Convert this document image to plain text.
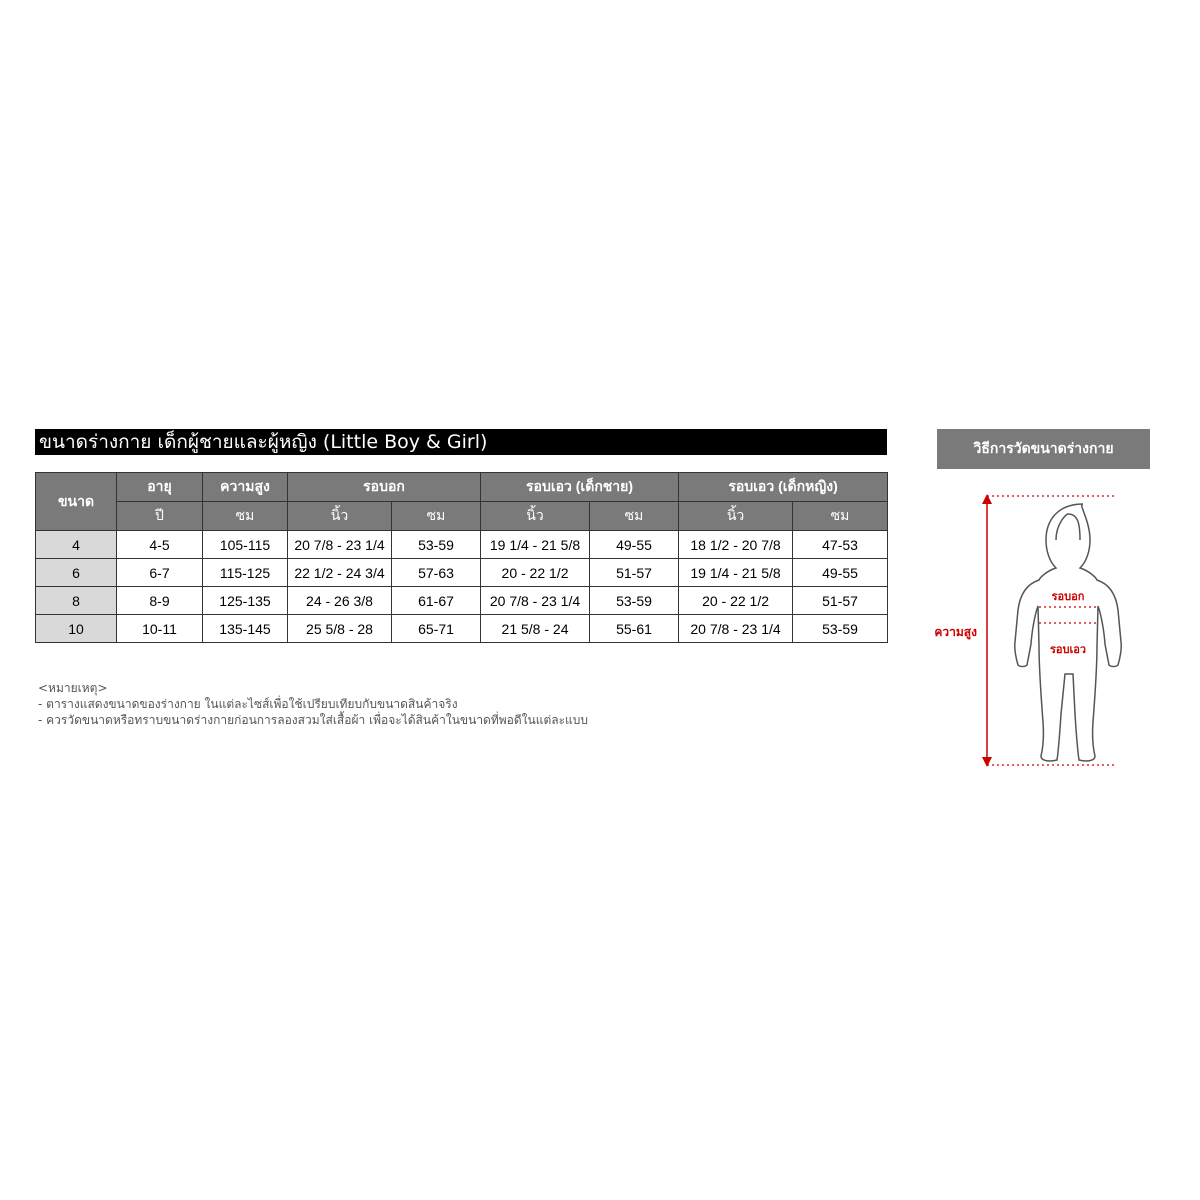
ขนาดร่างกาย เด็กผู้ชายและผู้หญิง (Little Boy & Girl)
ขนาด	อายุ	ความสูง	รอบอก		รอบเอว (เด็กชาย)		รอบเอว (เด็กหญิง)	
	ปี	ซม	นิ้ว	ซม	นิ้ว	ซม	นิ้ว	ซม
4	4-5	105-115	20 7/8 - 23 1/4	53-59	19 1/4 - 21 5/8	49-55	18 1/2 - 20 7/8	47-53
6	6-7	115-125	22 1/2 - 24 3/4	57-63	20 - 22 1/2	51-57	19 1/4 - 21 5/8	49-55
8	8-9	125-135	24 - 26 3/8	61-67	20 7/8 - 23 1/4	53-59	20 - 22 1/2	51-57
10	10-11	135-145	25 5/8 - 28	65-71	21 5/8 - 24	55-61	20 7/8 - 23 1/4	53-59
<หมายเหตุ>
- ตารางแสดงขนาดของร่างกาย ในแต่ละไซส์เพื่อใช้เปรียบเทียบกับขนาดสินค้าจริง
- ควรวัดขนาดหรือทราบขนาดร่างกายก่อนการลองสวมใส่เสื้อผ้า เพื่อจะได้สินค้าในขนาดที่พอดีในแต่ละแบบ
วิธีการวัดขนาดร่างกาย
ความสูง
รอบอก
รอบเอว
